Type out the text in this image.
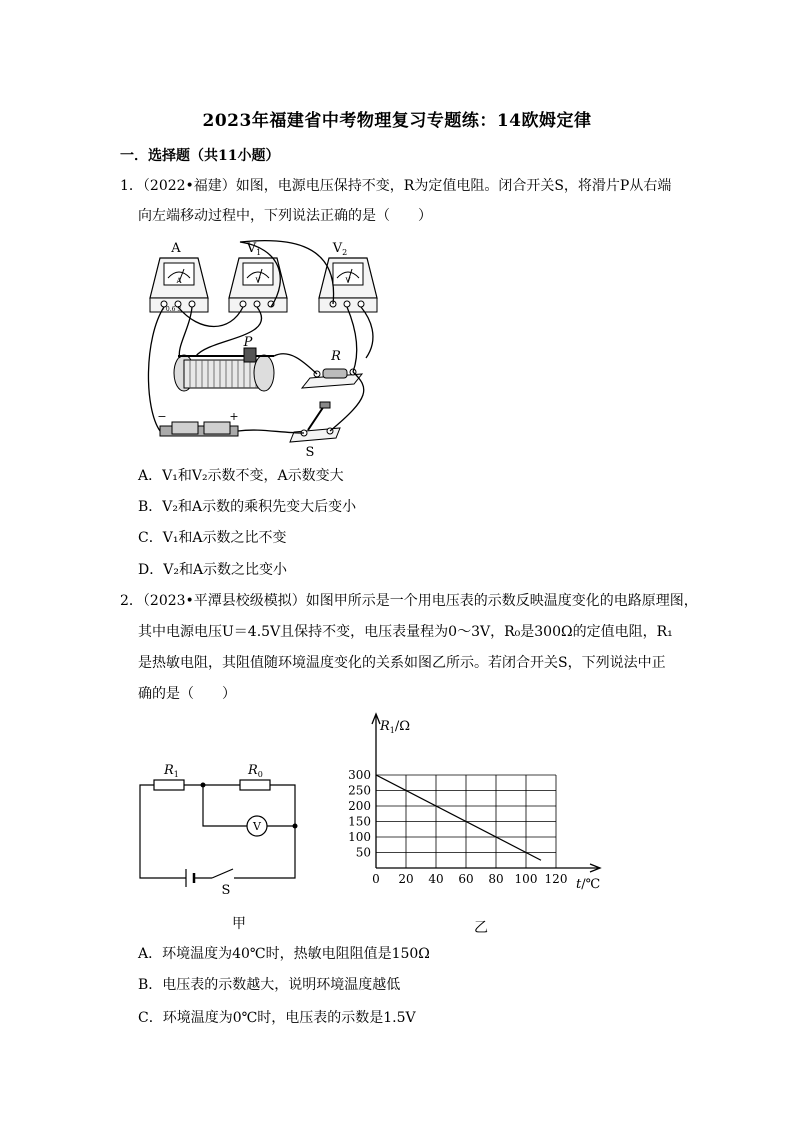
2023年福建省中考物理复习专题练：14欧姆定律
一．选择题（共11小题）
1．（2022•福建）如图，电源电压保持不变，R为定值电阻。闭合开关S，将滑片P从右端
向左端移动过程中，下列说法正确的是（　　）
A
- 0.6 3
A
V
$V_1$
V
$V_2$
P
R
−	+
S
A．V₁和V₂示数不变，A示数变大
B．V₂和A示数的乘积先变大后变小
C．V₁和A示数之比不变
D．V₂和A示数之比变小
2．（2023•平潭县校级模拟）如图甲所示是一个用电压表的示数反映温度变化的电路原理图，
其中电源电压U＝4.5V且保持不变，电压表量程为0～3V，R₀是300Ω的定值电阻，R₁
是热敏电阻，其阻值随环境温度变化的关系如图乙所示。若闭合开关S，下列说法中正
确的是（　　）
V
$R_1$	$R_0$
S
甲
0 20 40 60 80 100 120
50
100
150
200
250
300
$R_1/\Omega$
t/℃
乙
A．环境温度为40℃时，热敏电阻阻值是150Ω
B．电压表的示数越大，说明环境温度越低
C．环境温度为0℃时，电压表的示数是1.5V
